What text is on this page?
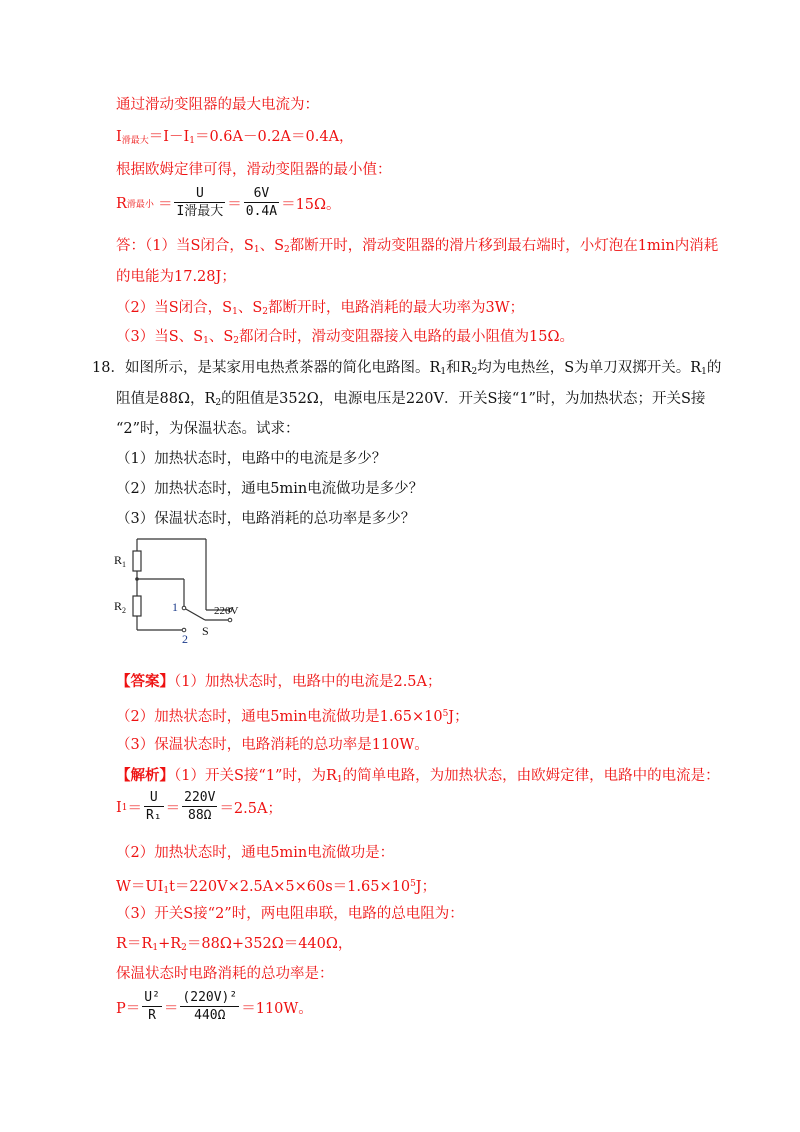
通过滑动变阻器的最大电流为：
$I_{滑最大}=I-I_1=0.6A-0.2A=0.4A$，
根据欧姆定律可得，滑动变阻器的最小值：
R 滑最小 ＝ $\frac{U}{\text{I滑最大}} = \frac{6V}{0.4A} =15\Omega$。
答：（1）当S闭合，$S_1$、$S_2$都断开时，滑动变阻器的滑片移到最右端时，小灯泡在1min内消耗
的电能为17.28J；
（2）当S闭合，$S_1$、$S_2$都断开时，电路消耗的最大功率为3W；
（3）当S、$S_1$、$S_2$都闭合时，滑动变阻器接入电路的最小阻值为15Ω。
18．如图所示，是某家用电热煮茶器的简化电路图。$R_1$和$R_2$均为电热丝，S为单刀双掷开关。$R_1$的
阻值是88Ω，$R_2$的阻值是352Ω，电源电压是220V．开关S接“1”时，为加热状态；开关S接
“2”时，为保温状态。试求：
（1）加热状态时，电路中的电流是多少？
（2）加热状态时，通电5min电流做功是多少？
（3）保温状态时，电路消耗的总功率是多少？
$R_1$
$R_2$	1
2
220V
S
【答案】（1）加热状态时，电路中的电流是2.5A；
（2）加热状态时，通电5min电流做功是$1.65\times 10^5J$；
（3）保温状态时，电路消耗的总功率是110W。
【解析】（1）开关S接“1”时，为$R_1$的简单电路，为加热状态，由欧姆定律，电路中的电流是：
I $1 = \frac{U}{\text{R₁}} = \frac{220V}{88\Omega} =2.5A$；
（2）加热状态时，通电5min电流做功是：
$W=UI_1t=220V\times 2.5A\times 5\times 60s=1.65\times 10^5J$；
（3）开关S接“2”时，两电阻串联，电路的总电阻为：
$R=R_1+R_2=88\Omega+352\Omega=440\Omega$，
保温状态时电路消耗的总功率是：
$P= \frac{\text{U²}}{R} = \frac{\text{(220V)²}}{440\Omega} =110W$。
